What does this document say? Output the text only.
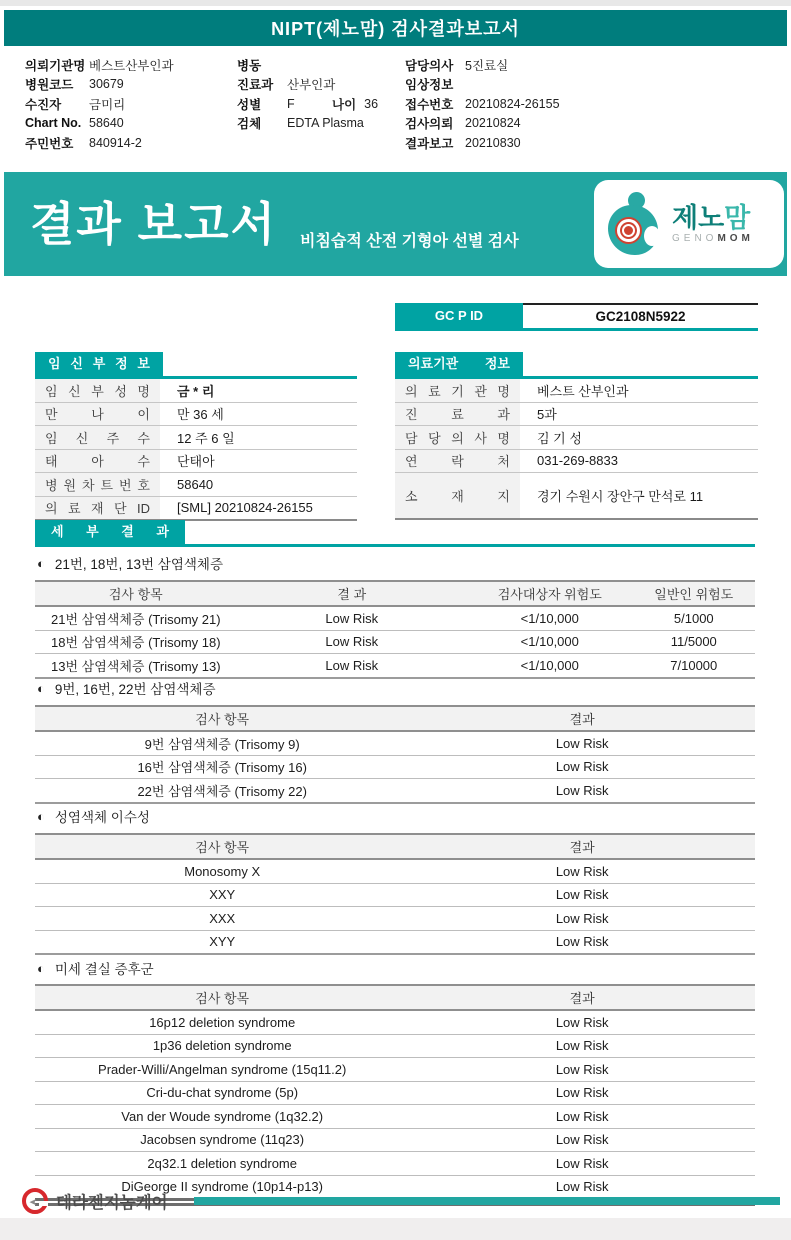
NIPT(제노맘) 검사결과보고서
의뢰기관명 베스트산부인과
병원코드	30679
수진자	금미리
Chart No. 58640
주민번호	840914-2
병동
진료과	산부인과
성별	F	나이 36
검체	EDTA Plasma
담당의사 5진료실
임상정보
접수번호 20210824-26155
검사의뢰 20210824
결과보고 20210830
결과 보고서 비침습적 산전 기형아 선별 검사
제노맘
GENOMOM
GC P ID	GC2108N5922
임 신 부 정 보
임 신 부 성 명	금 * 리
만 나 이	만 36 세
임 신 주 수	12 주 6 일
태 아 수	단태아
병 원 차 트 번 호	58640
의 료 재 단 ID	[SML] 20210824-26155
의료기관 정보
의 료 기 관 명	베스트 산부인과
진 료 과	5과
담 당 의 사 명	김 기 성
연 락 처	031-269-8833
소 재 지	경기 수원시 장안구 만석로 11
세 부 결 과
◐ 21번, 18번, 13번 삼염색체증
검사 항목	결 과	검사대상자 위험도	일반인 위험도
21번 삼염색체증 (Trisomy 21)	Low Risk	<1/10,000	5/1000
18번 삼염색체증 (Trisomy 18)	Low Risk	<1/10,000	11/5000
13번 삼염색체증 (Trisomy 13)	Low Risk	<1/10,000	7/10000
◐ 9번, 16번, 22번 삼염색체증
검사 항목	결과
9번 삼염색체증 (Trisomy 9)	Low Risk
16번 삼염색체증 (Trisomy 16)	Low Risk
22번 삼염색체증 (Trisomy 22)	Low Risk
◐ 성염색체 이수성
검사 항목	결과
Monosomy X	Low Risk
XXY	Low Risk
XXX	Low Risk
XYY	Low Risk
◐ 미세 결실 증후군
검사 항목	결과
16p12 deletion syndrome	Low Risk
1p36 deletion syndrome	Low Risk
Prader-Willi/Angelman syndrome (15q11.2)	Low Risk
Cri-du-chat syndrome (5p)	Low Risk
Van der Woude syndrome (1q32.2)	Low Risk
Jacobsen syndrome (11q23)	Low Risk
2q32.1 deletion syndrome	Low Risk
DiGeorge II syndrome (10p14-p13)	Low Risk
➤ 테라젠지놈케어
